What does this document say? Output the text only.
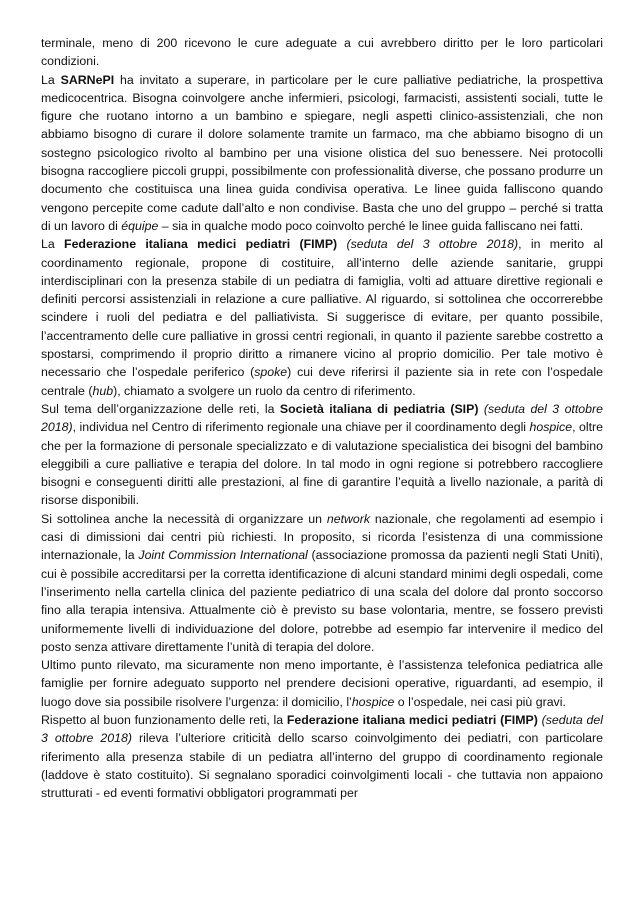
terminale, meno di 200 ricevono le cure adeguate a cui avrebbero diritto per le loro particolari condizioni.

La SARNePI ha invitato a superare, in particolare per le cure palliative pediatriche, la prospettiva medicocentrica. Bisogna coinvolgere anche infermieri, psicologi, farmacisti, assistenti sociali, tutte le figure che ruotano intorno a un bambino e spiegare, negli aspetti clinico-assistenziali, che non abbiamo bisogno di curare il dolore solamente tramite un farmaco, ma che abbiamo bisogno di un sostegno psicologico rivolto al bambino per una visione olistica del suo benessere. Nei protocolli bisogna raccogliere piccoli gruppi, possibilmente con professionalità diverse, che possano produrre un documento che costituisca una linea guida condivisa operativa. Le linee guida falliscono quando vengono percepite come cadute dall’alto e non condivise. Basta che uno del gruppo – perché si tratta di un lavoro di équipe – sia in qualche modo poco coinvolto perché le linee guida falliscano nei fatti.

La Federazione italiana medici pediatri (FIMP) (seduta del 3 ottobre 2018), in merito al coordinamento regionale, propone di costituire, all’interno delle aziende sanitarie, gruppi interdisciplinari con la presenza stabile di un pediatra di famiglia, volti ad attuare direttive regionali e definiti percorsi assistenziali in relazione a cure palliative. Al riguardo, si sottolinea che occorrerebbe scindere i ruoli del pediatra e del palliativista. Si suggerisce di evitare, per quanto possibile, l’accentramento delle cure palliative in grossi centri regionali, in quanto il paziente sarebbe costretto a spostarsi, comprimendo il proprio diritto a rimanere vicino al proprio domicilio. Per tale motivo è necessario che l’ospedale periferico (spoke) cui deve riferirsi il paziente sia in rete con l’ospedale centrale (hub), chiamato a svolgere un ruolo da centro di riferimento.

Sul tema dell’organizzazione delle reti, la Società italiana di pediatria (SIP) (seduta del 3 ottobre 2018), individua nel Centro di riferimento regionale una chiave per il coordinamento degli hospice, oltre che per la formazione di personale specializzato e di valutazione specialistica dei bisogni del bambino eleggibili a cure palliative e terapia del dolore. In tal modo in ogni regione si potrebbero raccogliere bisogni e conseguenti diritti alle prestazioni, al fine di garantire l’equità a livello nazionale, a parità di risorse disponibili.

Si sottolinea anche la necessità di organizzare un network nazionale, che regolamenti ad esempio i casi di dimissioni dai centri più richiesti. In proposito, si ricorda l’esistenza di una commissione internazionale, la Joint Commission International (associazione promossa da pazienti negli Stati Uniti), cui è possibile accreditarsi per la corretta identificazione di alcuni standard minimi degli ospedali, come l’inserimento nella cartella clinica del paziente pediatrico di una scala del dolore dal pronto soccorso fino alla terapia intensiva. Attualmente ciò è previsto su base volontaria, mentre, se fossero previsti uniformemente livelli di individuazione del dolore, potrebbe ad esempio far intervenire il medico del posto senza attivare direttamente l’unità di terapia del dolore.

Ultimo punto rilevato, ma sicuramente non meno importante, è l’assistenza telefonica pediatrica alle famiglie per fornire adeguato supporto nel prendere decisioni operative, riguardanti, ad esempio, il luogo dove sia possibile risolvere l’urgenza: il domicilio, l’hospice o l’ospedale, nei casi più gravi.

Rispetto al buon funzionamento delle reti, la Federazione italiana medici pediatri (FIMP) (seduta del 3 ottobre 2018) rileva l’ulteriore criticità dello scarso coinvolgimento dei pediatri, con particolare riferimento alla presenza stabile di un pediatra all’interno del gruppo di coordinamento regionale (laddove è stato costituito). Si segnalano sporadici coinvolgimenti locali - che tuttavia non appaiono strutturati - ed eventi formativi obbligatori programmati per
